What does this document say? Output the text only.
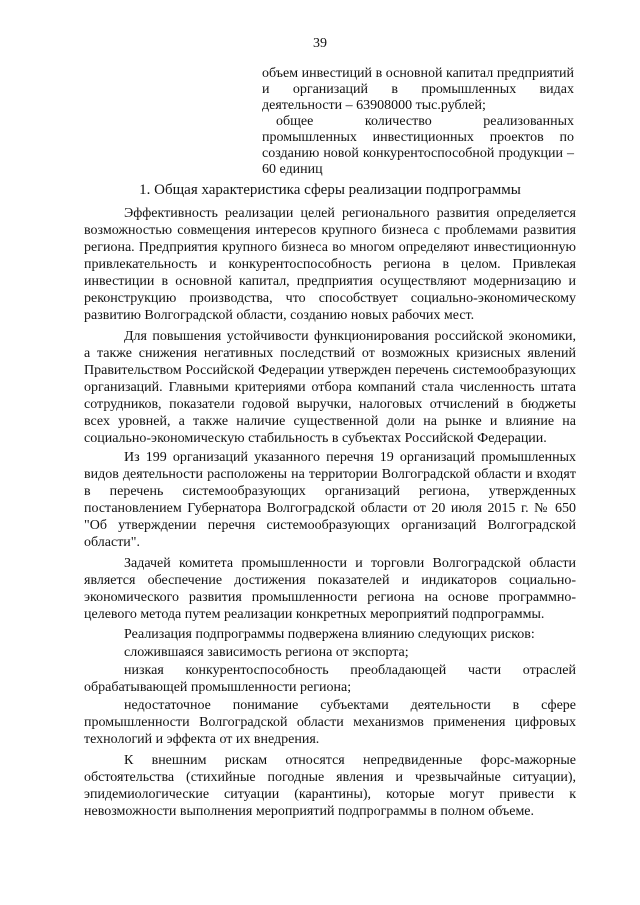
39

объем инвестиций в основной капитал предприятий и организаций в промышленных видах деятельности – 63908000 тыс.рублей;

общее количество реализованных промышленных инвестиционных проектов по созданию новой конкурентоспособной продукции – 60 единиц

1. Общая характеристика сферы реализации подпрограммы

Эффективность реализации целей регионального развития определяется возможностью совмещения интересов крупного бизнеса с проблемами развития региона. Предприятия крупного бизнеса во многом определяют инвестиционную привлекательность и конкурентоспособность региона в целом. Привлекая инвестиции в основной капитал, предприятия осуществляют модернизацию и реконструкцию производства, что способствует социально-экономическому развитию Волгоградской области, созданию новых рабочих мест.

Для повышения устойчивости функционирования российской экономики, а также снижения негативных последствий от возможных кризисных явлений Правительством Российской Федерации утвержден перечень системообразующих организаций. Главными критериями отбора компаний стала численность штата сотрудников, показатели годовой выручки, налоговых отчислений в бюджеты всех уровней, а также наличие существенной доли на рынке и влияние на социально-экономическую стабильность в субъектах Российской Федерации.

Из 199 организаций указанного перечня 19 организаций промышленных видов деятельности расположены на территории Волгоградской области и входят в перечень системообразующих организаций региона, утвержденных постановлением Губернатора Волгоградской области от 20 июля 2015 г. № 650 "Об утверждении перечня системообразующих организаций Волгоградской области".

Задачей комитета промышленности и торговли Волгоградской области является обеспечение достижения показателей и индикаторов социально-экономического развития промышленности региона на основе программно-целевого метода путем реализации конкретных мероприятий подпрограммы.

Реализация подпрограммы подвержена влиянию следующих рисков:

сложившаяся зависимость региона от экспорта;

низкая конкурентоспособность преобладающей части отраслей обрабатывающей промышленности региона;

недостаточное понимание субъектами деятельности в сфере промышленности Волгоградской области механизмов применения цифровых технологий и эффекта от их внедрения.

К внешним рискам относятся непредвиденные форс-мажорные обстоятельства (стихийные погодные явления и чрезвычайные ситуации), эпидемиологические ситуации (карантины), которые могут привести к невозможности выполнения мероприятий подпрограммы в полном объеме.
